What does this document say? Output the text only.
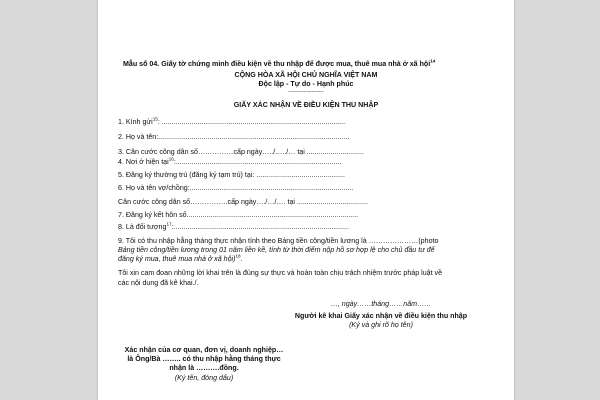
Mẫu số 04. Giấy tờ chứng minh điều kiện về thu nhập để được mua, thuê mua nhà ở xã hội$^{14}$
CỘNG HÒA XÃ HỘI CHỦ NGHĨA VIỆT NAM
Độc lập - Tự do - Hạnh phúc
---------------------
GIẤY XÁC NHẬN VỀ ĐIỀU KIỆN THU NHẬP
1. Kính gửi$^{15}$: .............................................................................................
2. Họ và tên:.................................................................................................
3. Căn cước công dân số……………cấp ngày…../…../… tại .............................
4. Nơi ở hiện tại$^{16}$:....................................................................................
5. Đăng ký thường trú (đăng ký tạm trú) tại: .............................................
6. Họ và tên vợ/chồng:...................................................................................
Căn cước công dân số…………….cấp ngày…./…/…. tại ....................................
7. Đăng ký kết hôn số.......................................................................................
8. Là đối tượng$^{17}$:.........................................................................................
9. Tôi có thu nhập hằng tháng thực nhận tính theo Bảng tiền công/tiền lương là …………………(photo
Bảng tiền công/tiền lương trong 01 năm liền kề, tính từ thời điểm nộp hồ sơ hợp lệ cho chủ đầu tư để
đăng ký mua, thuê mua nhà ở xã hội)$^{18}$.
Tôi xin cam đoan những lời khai trên là đúng sự thực và hoàn toàn chịu trách nhiệm trước pháp luật về
các nội dung đã kê khai./.
…, ngày……tháng……năm……
Người kê khai Giấy xác nhận về điều kiện thu nhập
(Ký và ghi rõ họ tên)
Xác nhận của cơ quan, đơn vị, doanh nghiệp…
là Ông/Bà …….. có thu nhập hằng tháng thực
nhận là ……….đồng.
(Ký tên, đóng dấu)
